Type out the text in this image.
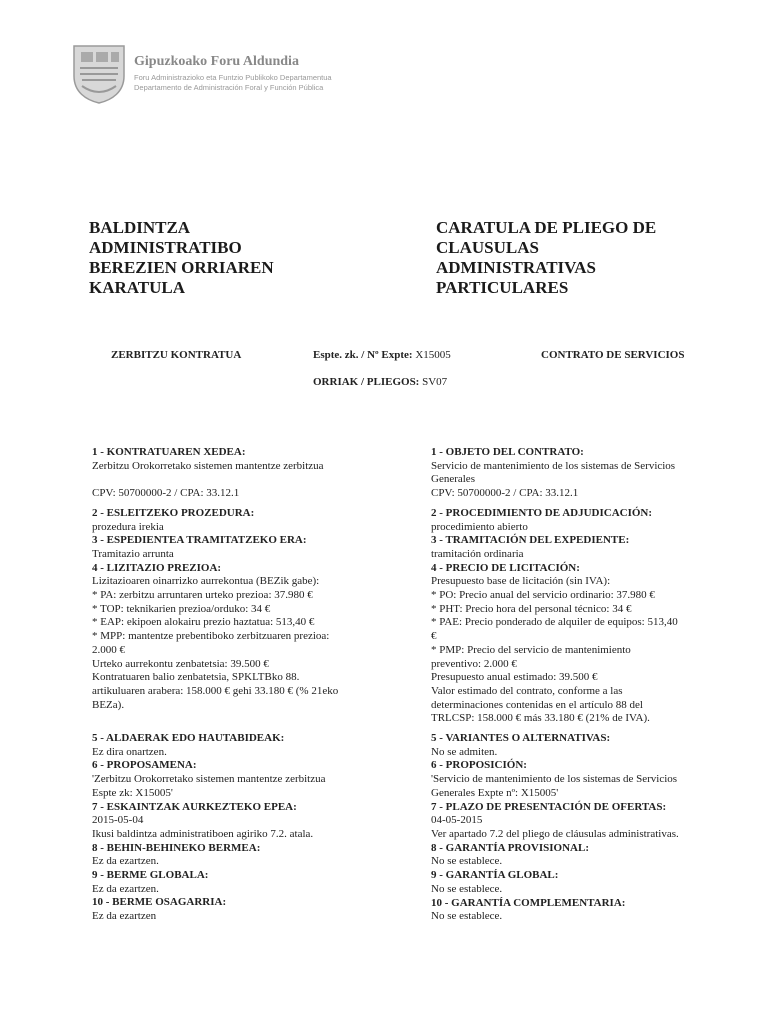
Gipuzkoako Foru Aldundia
Foru Administrazioko eta Funtzio Publikoko Departamentua
Departamento de Administración Foral y Función Pública
BALDINTZA
ADMINISTRATIBO
BEREZIEN ORRIAREN
KARATULA
CARATULA DE PLIEGO DE
CLAUSULAS
ADMINISTRATIVAS
PARTICULARES
ZERBITZU KONTRATUA	Espte. zk. / Nº Expte: X15005	CONTRATO DE SERVICIOS
ORRIAK / PLIEGOS: SV07
1 - KONTRATUAREN XEDEA:
Zerbitzu Orokorretako sistemen mantentze zerbitzua
CPV: 50700000-2 / CPA: 33.12.1
2 - ESLEITZEKO PROZEDURA:
prozedura irekia
3 - ESPEDIENTEA TRAMITATZEKO ERA:
Tramitazio arrunta
4 - LIZITAZIO PREZIOA:
Lizitazioaren oinarrizko aurrekontua (BEZik gabe):
* PA: zerbitzu arruntaren urteko prezioa: 37.980 €
* TOP: teknikarien prezioa/orduko: 34 €
* EAP: ekipoen alokairu prezio haztatua: 513,40 €
* MPP: mantentze prebentiboko zerbitzuaren prezioa:
2.000 €
Urteko aurrekontu zenbatetsia: 39.500 €
Kontratuaren balio zenbatetsia, SPKLTBko 88.
artikuluaren arabera: 158.000 € gehi 33.180 € (% 21eko
BEZa).
5 - ALDAERAK EDO HAUTABIDEAK:
Ez dira onartzen.
6 - PROPOSAMENA:
'Zerbitzu Orokorretako sistemen mantentze zerbitzua
Espte zk: X15005'
7 - ESKAINTZAK AURKEZTEKO EPEA:
2015-05-04
Ikusi baldintza administratiboen agiriko 7.2. atala.
8 - BEHIN-BEHINEKO BERMEA:
Ez da ezartzen.
9 - BERME GLOBALA:
Ez da ezartzen.
10 - BERME OSAGARRIA:
Ez da ezartzen
1 - OBJETO DEL CONTRATO:
Servicio de mantenimiento de los sistemas de Servicios
Generales
CPV: 50700000-2 / CPA: 33.12.1
2 - PROCEDIMIENTO DE ADJUDICACIÓN:
procedimiento abierto
3 - TRAMITACIÓN DEL EXPEDIENTE:
tramitación ordinaria
4 - PRECIO DE LICITACIÓN:
Presupuesto base de licitación (sin IVA):
* PO: Precio anual del servicio ordinario: 37.980 €
* PHT: Precio hora del personal técnico: 34 €
* PAE: Precio ponderado de alquiler de equipos: 513,40
€
* PMP: Precio del servicio de mantenimiento
preventivo: 2.000 €
Presupuesto anual estimado: 39.500 €
Valor estimado del contrato, conforme a las
determinaciones contenidas en el artículo 88 del
TRLCSP: 158.000 € más 33.180 € (21% de IVA).
5 - VARIANTES O ALTERNATIVAS:
No se admiten.
6 - PROPOSICIÓN:
'Servicio de mantenimiento de los sistemas de Servicios
Generales Expte nº: X15005'
7 - PLAZO DE PRESENTACIÓN DE OFERTAS:
04-05-2015
Ver apartado 7.2 del pliego de cláusulas administrativas.
8 - GARANTÍA PROVISIONAL:
No se establece.
9 - GARANTÍA GLOBAL:
No se establece.
10 - GARANTÍA COMPLEMENTARIA:
No se establece.
